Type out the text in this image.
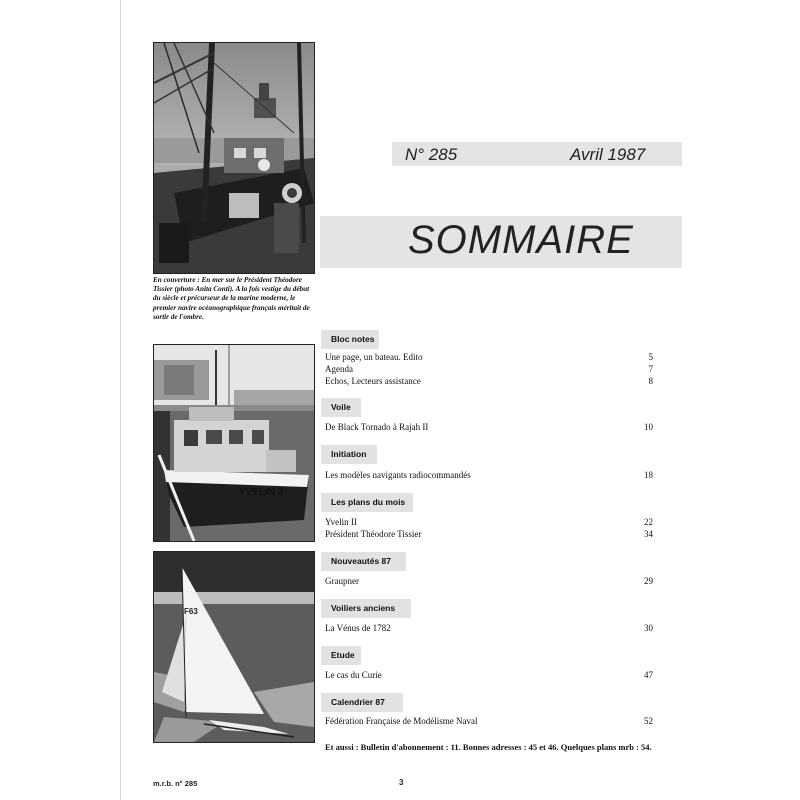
En couverture : En mer sur le Président Théodore Tissier (photo Anita Conti). A la fois vestige du début du siècle et précurseur de la marine moderne, le premier navire océanographique français méritait de sortir de l'ombre.
N° 285	Avril 1987
SOMMAIRE
YVELIN 2
F63
Bloc notes
Une page, un bateau. Edito	5
Agenda	7
Echos, Lecteurs assistance	8
Voile
De Black Tornado à Rajah II	10
Initiation
Les modèles navigants radiocommandés	18
Les plans du mois
Yvelin II	22
Président Théodore Tissier	34
Nouveautés 87
Graupner	29
Voiliers anciens
La Vénus de 1782	30
Etude
Le cas du Curie	47
Calendrier 87
Fédération Française de Modélisme Naval	52
Et aussi : Bulletin d'abonnement : 11. Bonnes adresses : 45 et 46. Quelques plans mrb : 54.
m.r.b. n° 285	3
